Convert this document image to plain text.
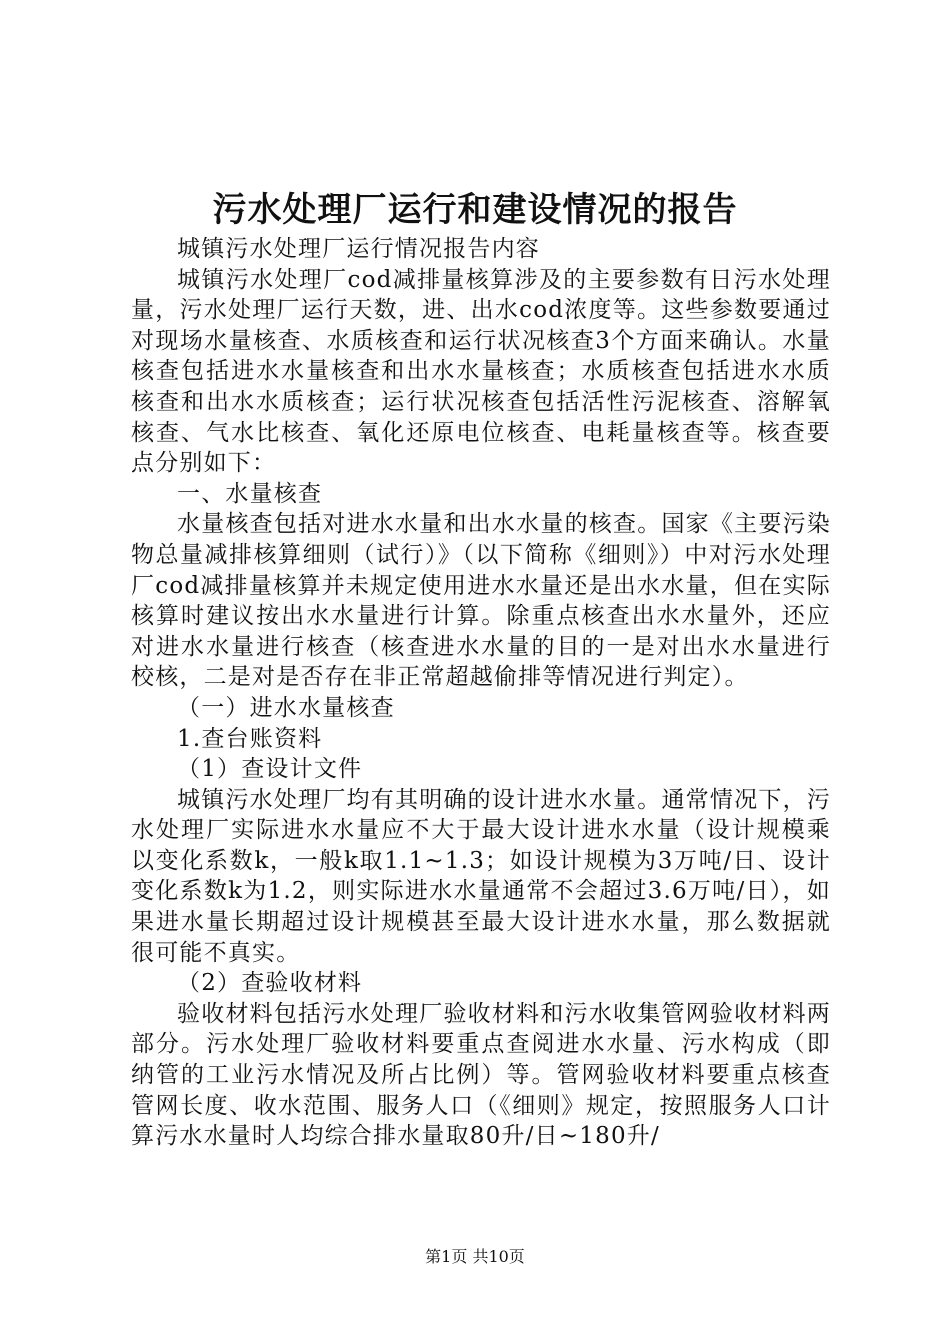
污水处理厂运行和建设情况的报告

城镇污水处理厂运行情况报告内容

城镇污水处理厂cod减排量核算涉及的主要参数有日污水处理量，污水处理厂运行天数，进、出水cod浓度等。这些参数要通过对现场水量核查、水质核查和运行状况核查3个方面来确认。水量核查包括进水水量核查和出水水量核查；水质核查包括进水水质核查和出水水质核查；运行状况核查包括活性污泥核查、溶解氧核查、气水比核查、氧化还原电位核查、电耗量核查等。核查要点分别如下：

一、水量核查

水量核查包括对进水水量和出水水量的核查。国家《主要污染物总量减排核算细则（试行）》（以下简称《细则》）中对污水处理厂cod减排量核算并未规定使用进水水量还是出水水量，但在实际核算时建议按出水水量进行计算。除重点核查出水水量外，还应对进水水量进行核查（核查进水水量的目的一是对出水水量进行校核，二是对是否存在非正常超越偷排等情况进行判定）。

（一）进水水量核查

1.查台账资料

（1）查设计文件

城镇污水处理厂均有其明确的设计进水水量。通常情况下，污水处理厂实际进水水量应不大于最大设计进水水量（设计规模乘以变化系数k，一般k取1.1~1.3；如设计规模为3万吨/日、设计变化系数k为1.2，则实际进水水量通常不会超过3.6万吨/日），如果进水量长期超过设计规模甚至最大设计进水水量，那么数据就很可能不真实。

（2）查验收材料

验收材料包括污水处理厂验收材料和污水收集管网验收材料两部分。污水处理厂验收材料要重点查阅进水水量、污水构成（即纳管的工业污水情况及所占比例）等。管网验收材料要重点核查管网长度、收水范围、服务人口（《细则》规定，按照服务人口计算污水水量时人均综合排水量取80升/日~180升/

第1页 共10页
